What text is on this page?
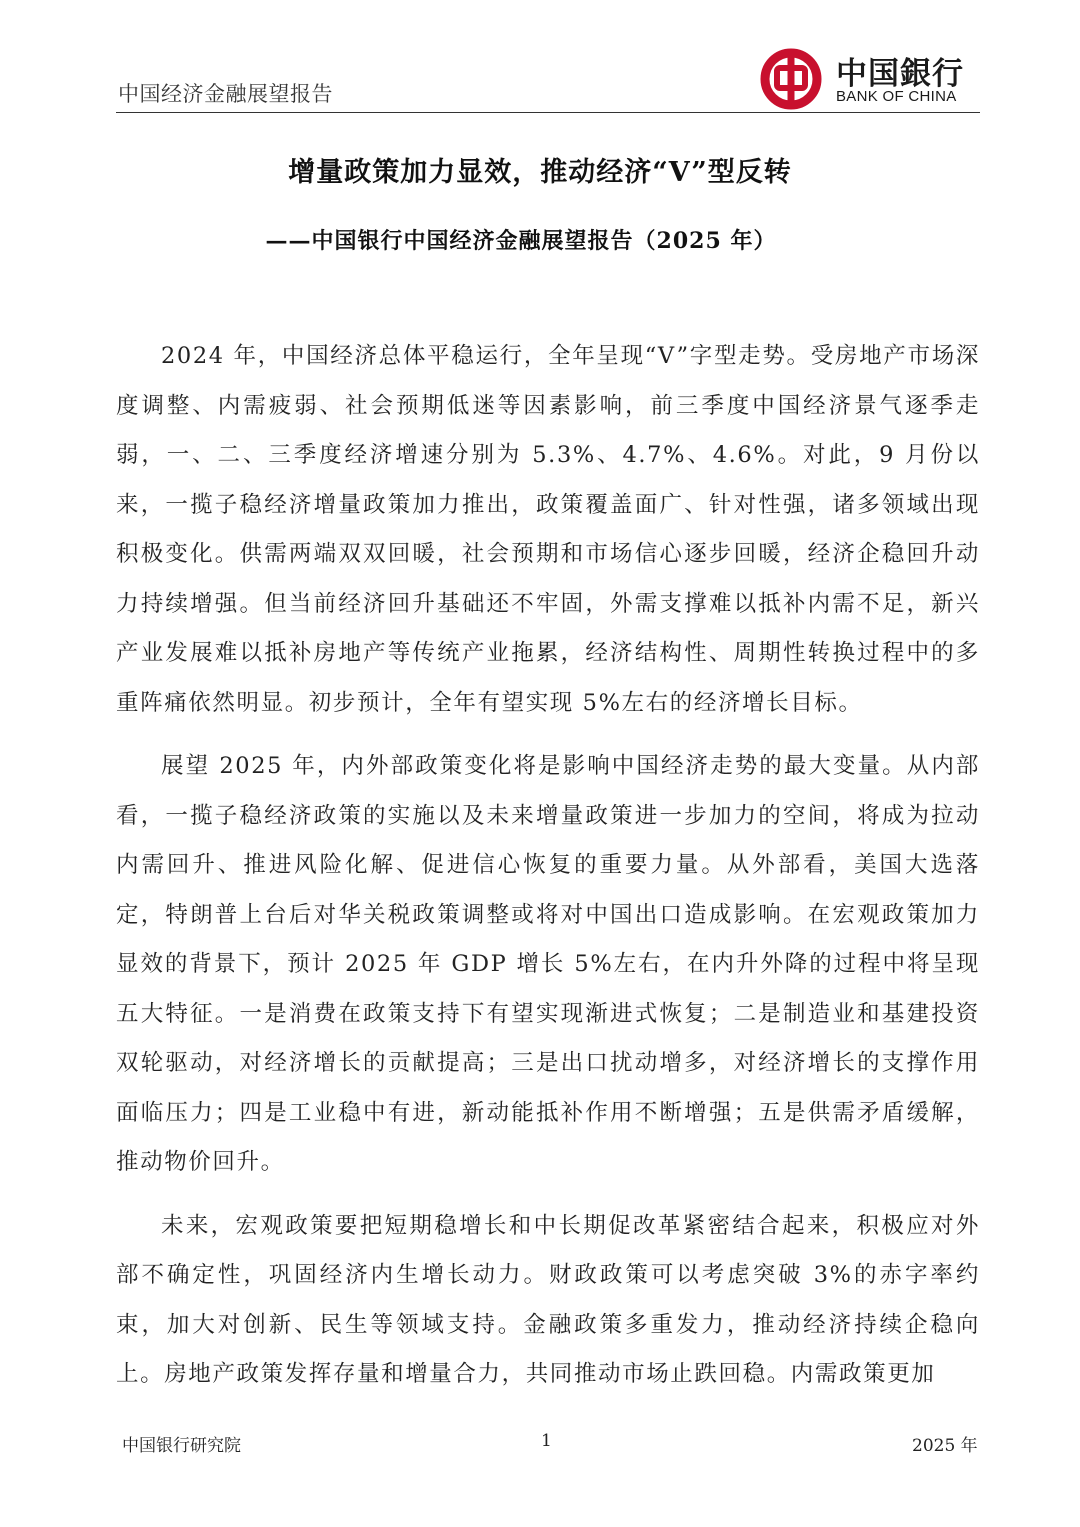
中国经济金融展望报告
中国銀行
BANK OF CHINA
增量政策加力显效，推动经济“V”型反转
——中国银行中国经济金融展望报告（2025 年）

2024 年，中国经济总体平稳运行，全年呈现“V”字型走势。受房地产市场深度调整、内需疲弱、社会预期低迷等因素影响，前三季度中国经济景气逐季走弱，一、二、三季度经济增速分别为 5.3%、4.7%、4.6%。对此，9 月份以来，一揽子稳经济增量政策加力推出，政策覆盖面广、针对性强，诸多领域出现积极变化。供需两端双双回暖，社会预期和市场信心逐步回暖，经济企稳回升动力持续增强。但当前经济回升基础还不牢固，外需支撑难以抵补内需不足，新兴产业发展难以抵补房地产等传统产业拖累，经济结构性、周期性转换过程中的多重阵痛依然明显。初步预计，全年有望实现 5%左右的经济增长目标。

展望 2025 年，内外部政策变化将是影响中国经济走势的最大变量。从内部看，一揽子稳经济政策的实施以及未来增量政策进一步加力的空间，将成为拉动内需回升、推进风险化解、促进信心恢复的重要力量。从外部看，美国大选落定，特朗普上台后对华关税政策调整或将对中国出口造成影响。在宏观政策加力显效的背景下，预计 2025 年 GDP 增长 5%左右，在内升外降的过程中将呈现五大特征。一是消费在政策支持下有望实现渐进式恢复；二是制造业和基建投资双轮驱动，对经济增长的贡献提高；三是出口扰动增多，对经济增长的支撑作用面临压力；四是工业稳中有进，新动能抵补作用不断增强；五是供需矛盾缓解，推动物价回升。

未来，宏观政策要把短期稳增长和中长期促改革紧密结合起来，积极应对外部不确定性，巩固经济内生增长动力。财政政策可以考虑突破 3%的赤字率约束，加大对创新、民生等领域支持。金融政策多重发力，推动经济持续企稳向上。房地产政策发挥存量和增量合力，共同推动市场止跌回稳。内需政策更加

中国银行研究院	1	2025 年
